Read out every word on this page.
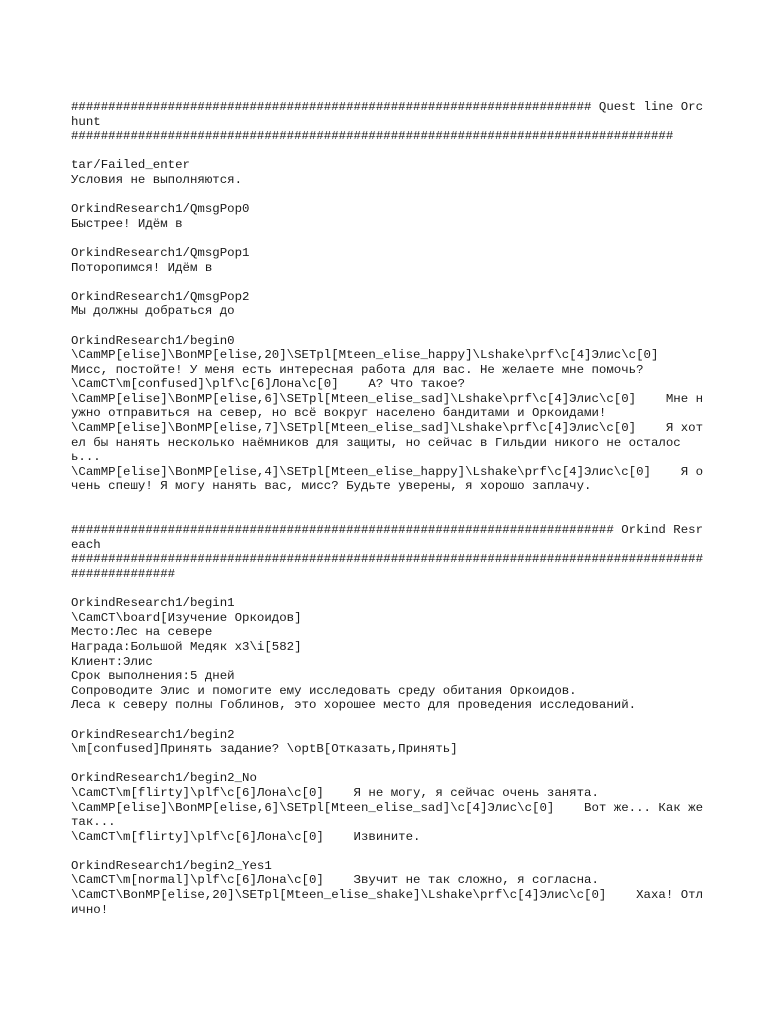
###################################################################### Quest line Orc hunt
#################################################################################
tar/Failed_enter
Условия не выполняются.
OrkindResearch1/QmsgPop0
Быстрее! Идём в
OrkindResearch1/QmsgPop1
Поторопимся! Идём в
OrkindResearch1/QmsgPop2
Мы должны добраться до
OrkindResearch1/begin0
\CamMP[elise]\BonMP[elise,20]\SETpl[Mteen_elise_happy]\Lshake\prf\c[4]Элис\c[0]
Мисс, постойте! У меня есть интересная работа для вас. Не желаете мне помочь?
\CamCT\m[confused]\plf\c[6]Лона\c[0]    А? Что такое?
\CamMP[elise]\BonMP[elise,6]\SETpl[Mteen_elise_sad]\Lshake\prf\c[4]Элис\c[0]    Мне нужно отправиться на север, но всё вокруг населено бандитами и Оркоидами!
\CamMP[elise]\BonMP[elise,7]\SETpl[Mteen_elise_sad]\Lshake\prf\c[4]Элис\c[0]    Я хотел бы нанять несколько наёмников для защиты, но сейчас в Гильдии никого не осталось...
\CamMP[elise]\BonMP[elise,4]\SETpl[Mteen_elise_happy]\Lshake\prf\c[4]Элис\c[0]    Я очень спешу! Я могу нанять вас, мисс? Будьте уверены, я хорошо заплачу.
######################################################################### Orkind Resreach
###################################################################################################
OrkindResearch1/begin1
\CamCT\board[Изучение Оркоидов]
Место:Лес на севере
Награда:Большой Медяк x3\i[582]
Клиент:Элис
Срок выполнения:5 дней
Сопроводите Элис и помогите ему исследовать среду обитания Оркоидов.
Леса к северу полны Гоблинов, это хорошее место для проведения исследований.
OrkindResearch1/begin2
\m[confused]Принять задание? \optB[Отказать,Принять]
OrkindResearch1/begin2_No
\CamCT\m[flirty]\plf\c[6]Лона\c[0]    Я не могу, я сейчас очень занята.
\CamMP[elise]\BonMP[elise,6]\SETpl[Mteen_elise_sad]\c[4]Элис\c[0]    Вот же... Как же так...
\CamCT\m[flirty]\plf\c[6]Лона\c[0]    Извините.
OrkindResearch1/begin2_Yes1
\CamCT\m[normal]\plf\c[6]Лона\c[0]    Звучит не так сложно, я согласна.
\CamCT\BonMP[elise,20]\SETpl[Mteen_elise_shake]\Lshake\prf\c[4]Элис\c[0]    Хаха! Отлично!
